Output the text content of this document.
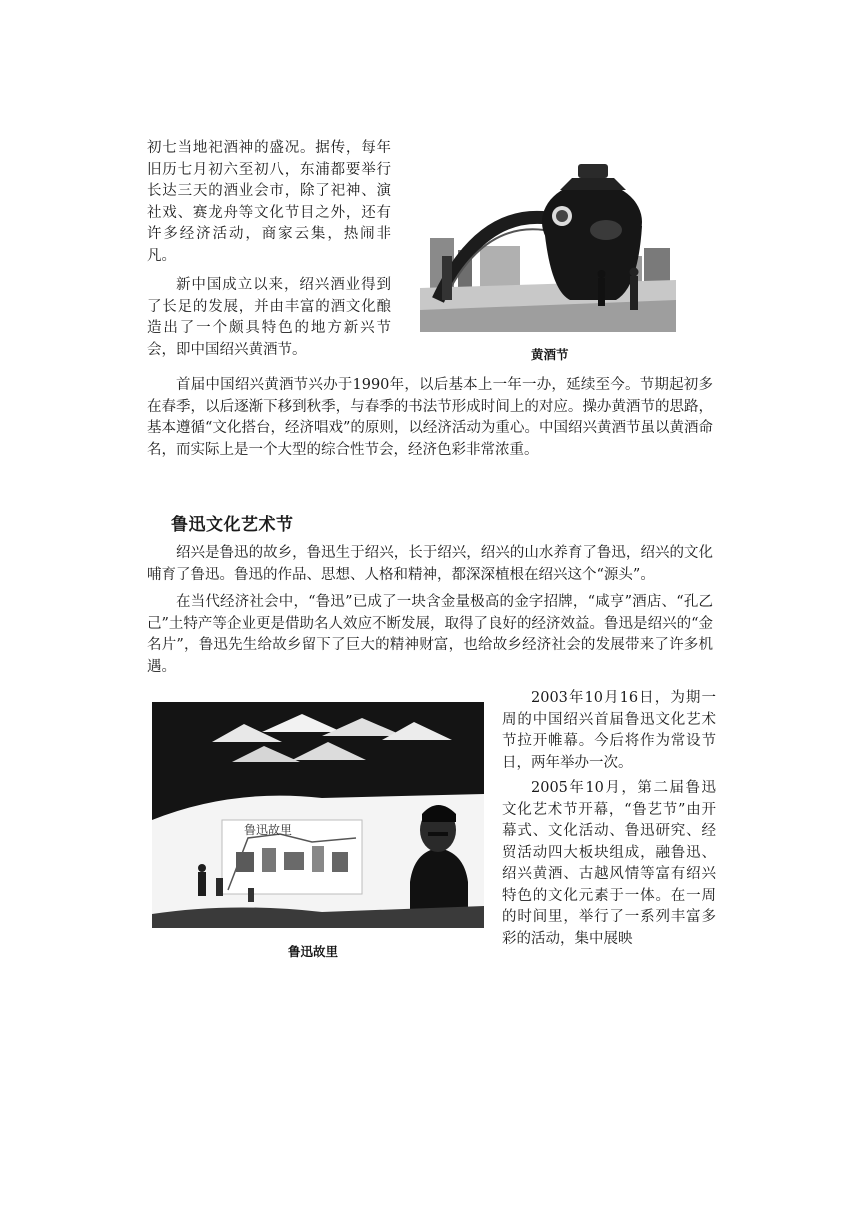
初七当地祀酒神的盛况。据传，每年旧历七月初六至初八，东浦都要举行长达三天的酒业会市，除了祀神、演社戏、赛龙舟等文化节目之外，还有许多经济活动，商家云集，热闹非凡。

新中国成立以来，绍兴酒业得到了长足的发展，并由丰富的酒文化酿造出了一个颇具特色的地方新兴节会，即中国绍兴黄酒节。	黄酒节

首届中国绍兴黄酒节兴办于1990年，以后基本上一年一办，延续至今。节期起初多在春季，以后逐渐下移到秋季，与春季的书法节形成时间上的对应。操办黄酒节的思路，基本遵循“文化搭台，经济唱戏”的原则，以经济活动为重心。中国绍兴黄酒节虽以黄酒命名，而实际上是一个大型的综合性节会，经济色彩非常浓重。

鲁迅文化艺术节

绍兴是鲁迅的故乡，鲁迅生于绍兴，长于绍兴，绍兴的山水养育了鲁迅，绍兴的文化哺育了鲁迅。鲁迅的作品、思想、人格和精神，都深深植根在绍兴这个“源头”。

在当代经济社会中，“鲁迅”已成了一块含金量极高的金字招牌，“咸亨”酒店、“孔乙己”土特产等企业更是借助名人效应不断发展，取得了良好的经济效益。鲁迅是绍兴的“金名片”，鲁迅先生给故乡留下了巨大的精神财富，也给故乡经济社会的发展带来了许多机遇。

鲁迅故里
鲁迅故里

2003年10月16日，为期一周的中国绍兴首届鲁迅文化艺术节拉开帷幕。今后将作为常设节日，两年举办一次。

2005年10月，第二届鲁迅文化艺术节开幕，“鲁艺节”由开幕式、文化活动、鲁迅研究、经贸活动四大板块组成，融鲁迅、绍兴黄酒、古越风情等富有绍兴特色的文化元素于一体。在一周的时间里，举行了一系列丰富多彩的活动，集中展映
